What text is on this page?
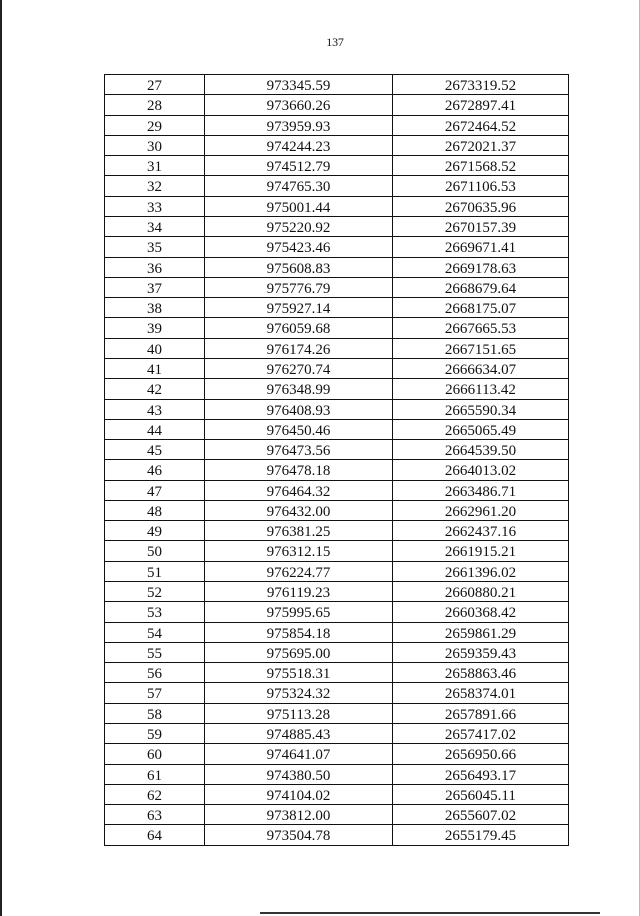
137
27	973345.59	2673319.52
28	973660.26	2672897.41
29	973959.93	2672464.52
30	974244.23	2672021.37
31	974512.79	2671568.52
32	974765.30	2671106.53
33	975001.44	2670635.96
34	975220.92	2670157.39
35	975423.46	2669671.41
36	975608.83	2669178.63
37	975776.79	2668679.64
38	975927.14	2668175.07
39	976059.68	2667665.53
40	976174.26	2667151.65
41	976270.74	2666634.07
42	976348.99	2666113.42
43	976408.93	2665590.34
44	976450.46	2665065.49
45	976473.56	2664539.50
46	976478.18	2664013.02
47	976464.32	2663486.71
48	976432.00	2662961.20
49	976381.25	2662437.16
50	976312.15	2661915.21
51	976224.77	2661396.02
52	976119.23	2660880.21
53	975995.65	2660368.42
54	975854.18	2659861.29
55	975695.00	2659359.43
56	975518.31	2658863.46
57	975324.32	2658374.01
58	975113.28	2657891.66
59	974885.43	2657417.02
60	974641.07	2656950.66
61	974380.50	2656493.17
62	974104.02	2656045.11
63	973812.00	2655607.02
64	973504.78	2655179.45
